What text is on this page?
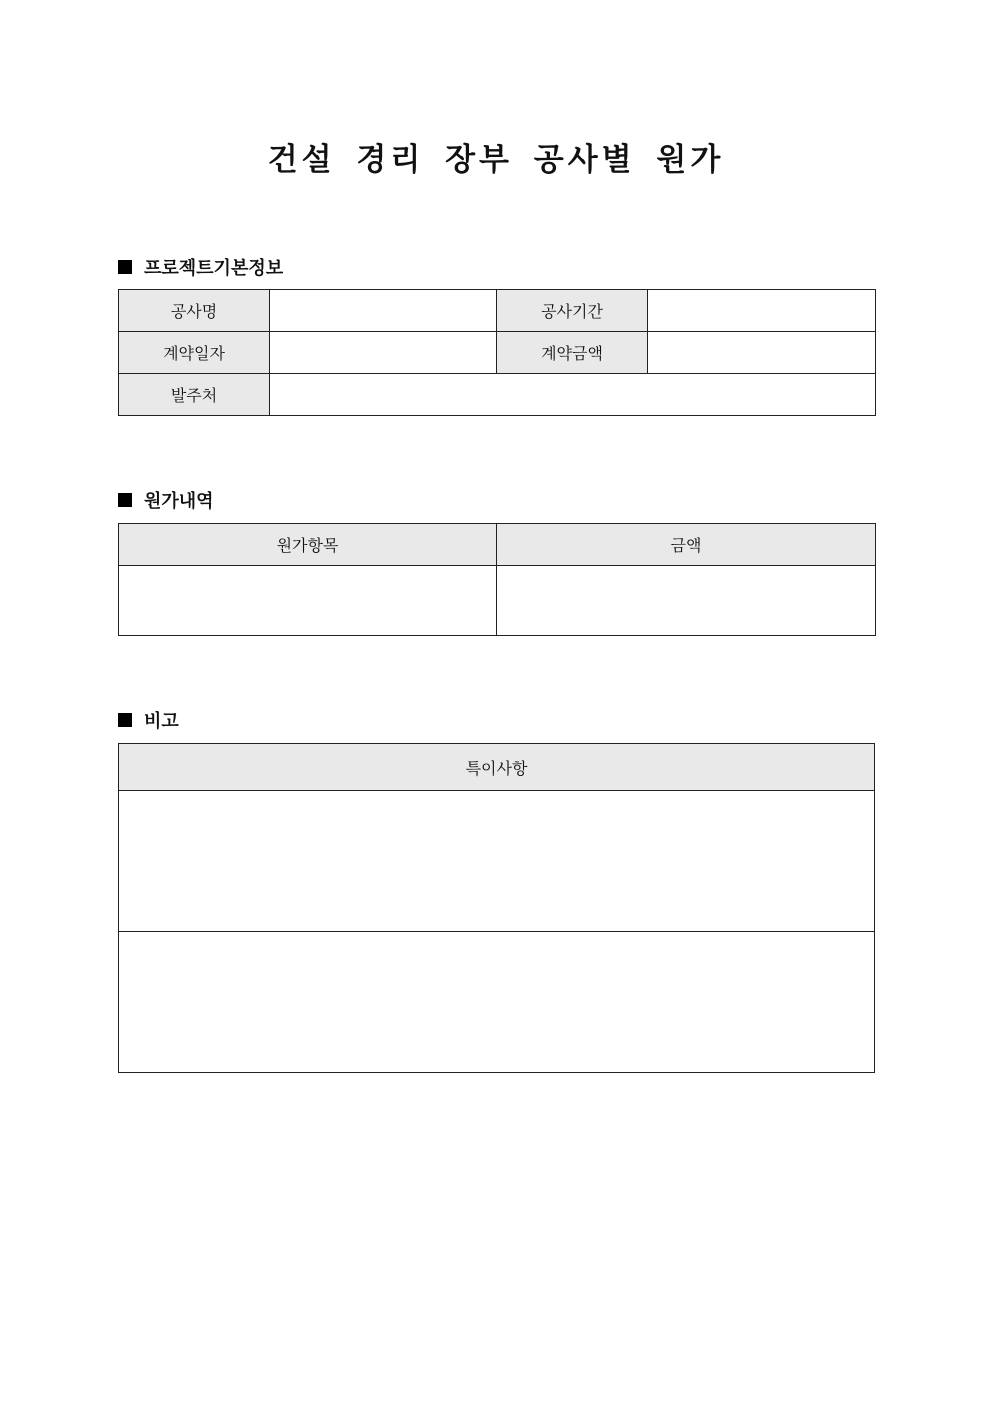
건설 경리 장부 공사별 원가
프로젝트기본정보
공사명		공사기간	
계약일자		계약금액	
발주처			
원가내역
원가항목	금액

비고
특이사항
